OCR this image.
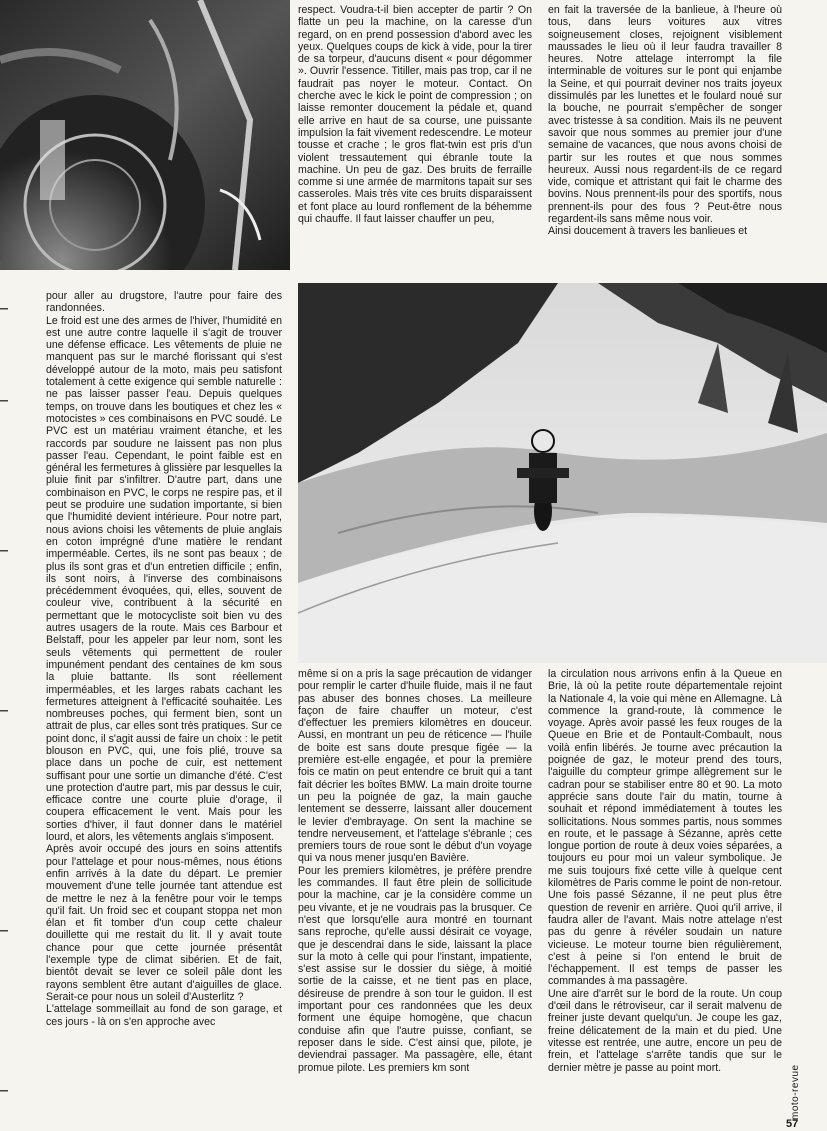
respect. Voudra-t-il bien accepter de partir ? On flatte un peu la machine, on la caresse d'un regard, on en prend possession d'abord avec les yeux. Quelques coups de kick à vide, pour la tirer de sa torpeur, d'aucuns disent « pour dégommer ». Ouvrir l'essence. Titiller, mais pas trop, car il ne faudrait pas noyer le moteur. Contact. On cherche avec le kick le point de compression ; on laisse remonter doucement la pédale et, quand elle arrive en haut de sa course, une puissante impulsion la fait vivement redescendre. Le moteur tousse et crache ; le gros flat-twin est pris d'un violent tressautement qui ébranle toute la machine. Un peu de gaz. Des bruits de ferraille comme si une armée de marmitons tapait sur ses casseroles. Mais très vite ces bruits disparaissent et font place au lourd ronflement de la béhemme qui chauffe. Il faut laisser chauffer un peu,

en fait la traversée de la banlieue, à l'heure où tous, dans leurs voitures aux vitres soigneusement closes, rejoignent visiblement maussades le lieu où il leur faudra travailler 8 heures. Notre attelage interrompt la file interminable de voitures sur le pont qui enjambe la Seine, et qui pourrait deviner nos traits joyeux dissimulés par les lunettes et le foulard noué sur la bouche, ne pourrait s'empêcher de songer avec tristesse à sa condition. Mais ils ne peuvent savoir que nous sommes au premier jour d'une semaine de vacances, que nous avons choisi de partir sur les routes et que nous sommes heureux. Aussi nous regardent-ils de ce regard vide, comique et attristant qui fait le charme des bovins. Nous prennent-ils pour des sportifs, nous prennent-ils pour des fous ? Peut-être nous regardent-ils sans même nous voir.

Ainsi doucement à travers les banlieues et

pour aller au drugstore, l'autre pour faire des randonnées.

Le froid est une des armes de l'hiver, l'humidité en est une autre contre laquelle il s'agit de trouver une défense efficace. Les vêtements de pluie ne manquent pas sur le marché florissant qui s'est développé autour de la moto, mais peu satisfont totalement à cette exigence qui semble naturelle : ne pas laisser passer l'eau. Depuis quelques temps, on trouve dans les boutiques et chez les « motocistes » ces combinaisons en PVC soudé. Le PVC est un matériau vraiment étanche, et les raccords par soudure ne laissent pas non plus passer l'eau. Cependant, le point faible est en général les fermetures à glissière par lesquelles la pluie finit par s'infiltrer. D'autre part, dans une combinaison en PVC, le corps ne respire pas, et il peut se produire une sudation importante, si bien que l'humidité devient intérieure. Pour notre part, nous avions choisi les vêtements de pluie anglais en coton imprégné d'une matière le rendant imperméable. Certes, ils ne sont pas beaux ; de plus ils sont gras et d'un entretien difficile ; enfin, ils sont noirs, à l'inverse des combinaisons précédemment évoquées, qui, elles, souvent de couleur vive, contribuent à la sécurité en permettant que le motocycliste soit bien vu des autres usagers de la route. Mais ces Barbour et Belstaff, pour les appeler par leur nom, sont les seuls vêtements qui permettent de rouler impunément pendant des centaines de km sous la pluie battante. Ils sont réellement imperméables, et les larges rabats cachant les fermetures atteignent à l'efficacité souhaitée. Les nombreuses poches, qui ferment bien, sont un attrait de plus, car elles sont très pratiques. Sur ce point donc, il s'agit aussi de faire un choix : le petit blouson en PVC, qui, une fois plié, trouve sa place dans un poche de cuir, est nettement suffisant pour une sortie un dimanche d'été. C'est une protection d'autre part, mis par dessus le cuir, efficace contre une courte pluie d'orage, il coupera efficacement le vent. Mais pour les sorties d'hiver, il faut donner dans le matériel lourd, et alors, les vêtements anglais s'imposent.

Après avoir occupé des jours en soins attentifs pour l'attelage et pour nous-mêmes, nous étions enfin arrivés à la date du départ. Le premier mouvement d'une telle journée tant attendue est de mettre le nez à la fenêtre pour voir le temps qu'il fait. Un froid sec et coupant stoppa net mon élan et fit tomber d'un coup cette chaleur douillette qui me restait du lit. Il y avait toute chance pour que cette journée présentât l'exemple type de climat sibérien. Et de fait, bientôt devait se lever ce soleil pâle dont les rayons semblent être autant d'aiguilles de glace. Serait-ce pour nous un soleil d'Austerlitz ?

L'attelage sommeillait au fond de son garage, et ces jours - là on s'en approche avec

même si on a pris la sage précaution de vidanger pour remplir le carter d'huile fluide, mais il ne faut pas abuser des bonnes choses. La meilleure façon de faire chauffer un moteur, c'est d'effectuer les premiers kilomètres en douceur. Aussi, en montrant un peu de réticence — l'huile de boite est sans doute presque figée — la première est-elle engagée, et pour la première fois ce matin on peut entendre ce bruit qui a tant fait décrier les boîtes BMW. La main droite tourne un peu la poignée de gaz, la main gauche lentement se desserre, laissant aller doucement le levier d'embrayage. On sent la machine se tendre nerveusement, et l'attelage s'ébranle ; ces premiers tours de roue sont le début d'un voyage qui va nous mener jusqu'en Bavière.

Pour les premiers kilomètres, je préfère prendre les commandes. Il faut être plein de sollicitude pour la machine, car je la considère comme un peu vivante, et je ne voudrais pas la brusquer. Ce n'est que lorsqu'elle aura montré en tournant sans reproche, qu'elle aussi désirait ce voyage, que je descendrai dans le side, laissant la place sur la moto à celle qui pour l'instant, impatiente, s'est assise sur le dossier du siège, à moitié sortie de la caisse, et ne tient pas en place, désireuse de prendre à son tour le guidon. Il est important pour ces randonnées que les deux forment une équipe homogène, que chacun conduise afin que l'autre puisse, confiant, se reposer dans le side. C'est ainsi que, pilote, je deviendrai passager. Ma passagère, elle, étant promue pilote. Les premiers km sont

la circulation nous arrivons enfin à la Queue en Brie, là où la petite route départementale rejoint la Nationale 4, la voie qui mène en Allemagne. Là commence la grand-route, là commence le voyage. Après avoir passé les feux rouges de la Queue en Brie et de Pontault-Combault, nous voilà enfin libérés. Je tourne avec précaution la poignée de gaz, le moteur prend des tours, l'aiguille du compteur grimpe allègrement sur le cadran pour se stabiliser entre 80 et 90. La moto apprécie sans doute l'air du matin, tourne à souhait et répond immédiatement à toutes les sollicitations. Nous sommes partis, nous sommes en route, et le passage à Sézanne, après cette longue portion de route à deux voies séparées, a toujours eu pour moi un valeur symbolique. Je me suis toujours fixé cette ville à quelque cent kilomètres de Paris comme le point de non-retour. Une fois passé Sézanne, il ne peut plus être question de revenir en arrière. Quoi qu'il arrive, il faudra aller de l'avant. Mais notre attelage n'est pas du genre à révéler soudain un nature vicieuse. Le moteur tourne bien régulièrement, c'est à peine si l'on entend le bruit de l'échappement. Il est temps de passer les commandes à ma passagère.

Une aire d'arrêt sur le bord de la route. Un coup d'œil dans le rétroviseur, car il serait malvenu de freiner juste devant quelqu'un. Je coupe les gaz, freine délicatement de la main et du pied. Une vitesse est rentrée, une autre, encore un peu de frein, et l'attelage s'arrête tandis que sur le dernier mètre je passe au point mort.	moto-revue
57
